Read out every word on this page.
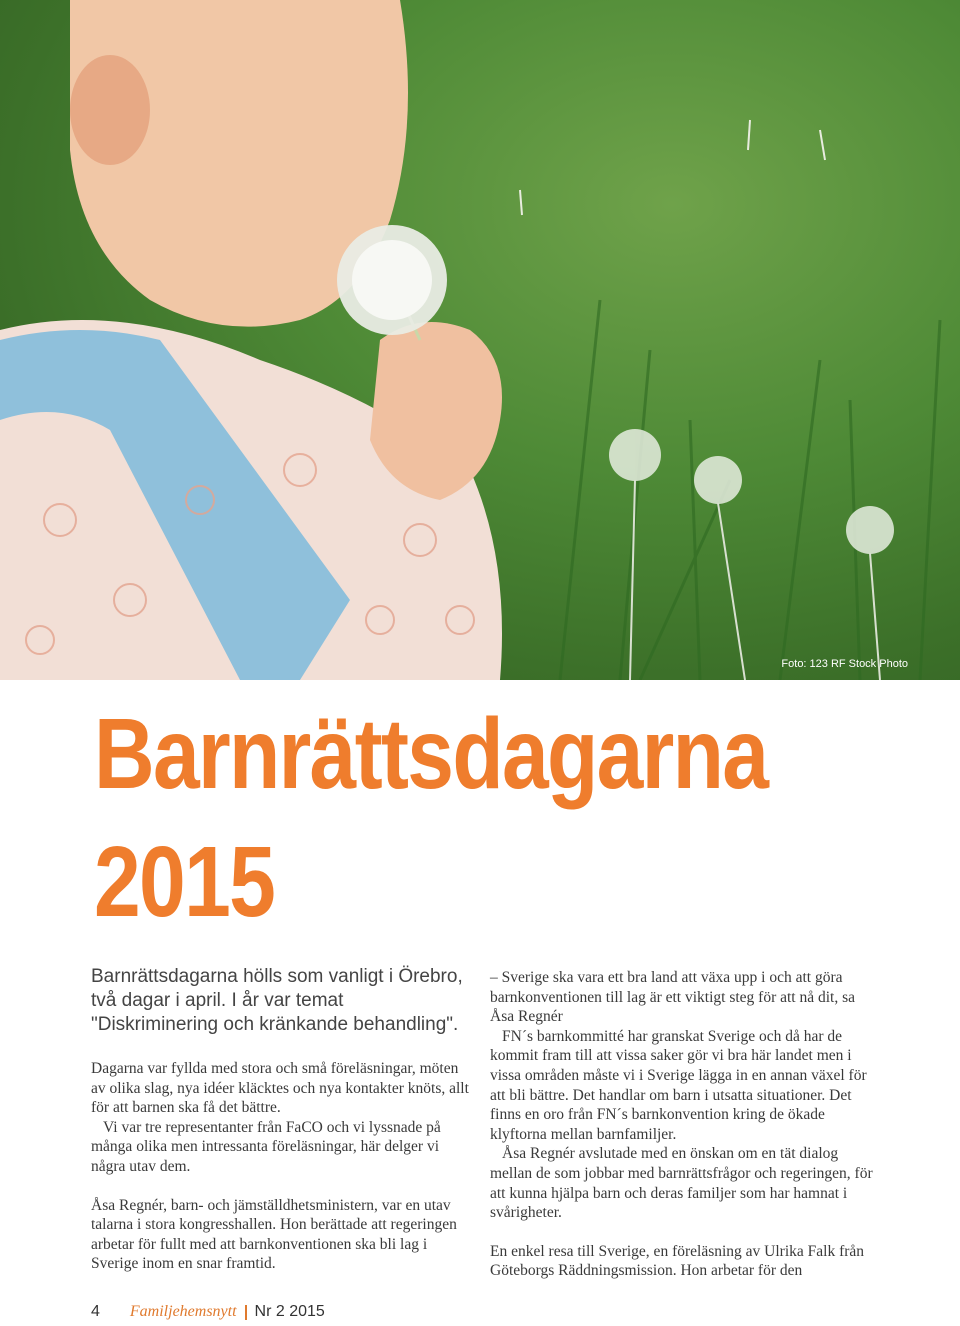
Foto: 123 RF Stock Photo
Barnrättsdagarna
2015

Barnrättsdagarna hölls som vanligt i Örebro, två dagar i april. I år var temat "Diskriminering och kränkande behandling".

Dagarna var fyllda med stora och små föreläsningar, möten av olika slag, nya idéer kläcktes och nya kontakter knöts, allt för att barnen ska få det bättre.

Vi var tre representanter från FaCO och vi lyssnade på många olika men intressanta föreläsningar, här delger vi några utav dem.

Åsa Regnér, barn- och jämställdhetsministern, var en utav talarna i stora kongresshallen. Hon berättade att regeringen arbetar för fullt med att barnkonventionen ska bli lag i Sverige inom en snar framtid.

– Sverige ska vara ett bra land att växa upp i och att göra barnkonventionen till lag är ett viktigt steg för att nå dit, sa Åsa Regnér

FN´s barnkommitté har granskat Sverige och då har de kommit fram till att vissa saker gör vi bra här landet men i vissa områden måste vi i Sverige lägga in en annan växel för att bli bättre. Det handlar om barn i utsatta situationer. Det finns en oro från FN´s barnkonvention kring de ökade klyftorna mellan barnfamiljer.

Åsa Regnér avslutade med en önskan om en tät dialog mellan de som jobbar med barnrättsfrågor och regeringen, för att kunna hjälpa barn och deras familjer som har hamnat i svårigheter.

En enkel resa till Sverige, en föreläsning av Ulrika Falk från Göteborgs Räddningsmission. Hon arbetar för den

4 Familjehemsnytt Nr 2 2015
